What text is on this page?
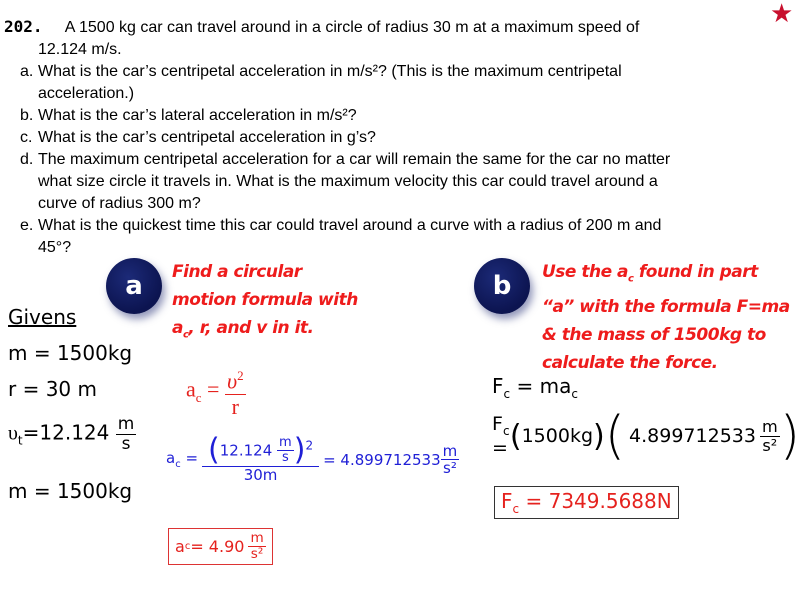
★
202. A 1500 kg car can travel around in a circle of radius 30 m at a maximum speed of
12.124 m/s.
a. What is the car’s centripetal acceleration in m/s²? (This is the maximum centripetal
acceleration.)
b. What is the car’s lateral acceleration in m/s²?
c. What is the car’s centripetal acceleration in g’s?
d. The maximum centripetal acceleration for a car will remain the same for the car no matter
what size circle it travels in. What is the maximum velocity this car could travel around a
curve of radius 300 m?
e. What is the quickest time this car could travel around a curve with a radius of 200 m and
45°?
a	Find a circular
motion formula with
$a_c$, r, and v in it.
b	Use the $a_c$ found in part
“a” with the formula F=ma
& the mass of 1500kg to
calculate the force.
Givens
m = 1500kg
r = 30 m
$\upsilon_t=12.124 \frac{m}{s}$
m = 1500kg
$a_c = \frac{\upsilon^2}{r}$
$a_c = \frac{(12.124 \frac{m}{s} )^2}{30m} = 4.899712533 \frac{m}{\text{s²}}$
a $c = 4.90 \frac{m}{\text{s²}}$
$F_c = ma_c$
$F_c$ = ( 1500kg ) ( $4.899712533 \frac{m}{\text{s²}}$ )
$F_c = 7349.5688N$
